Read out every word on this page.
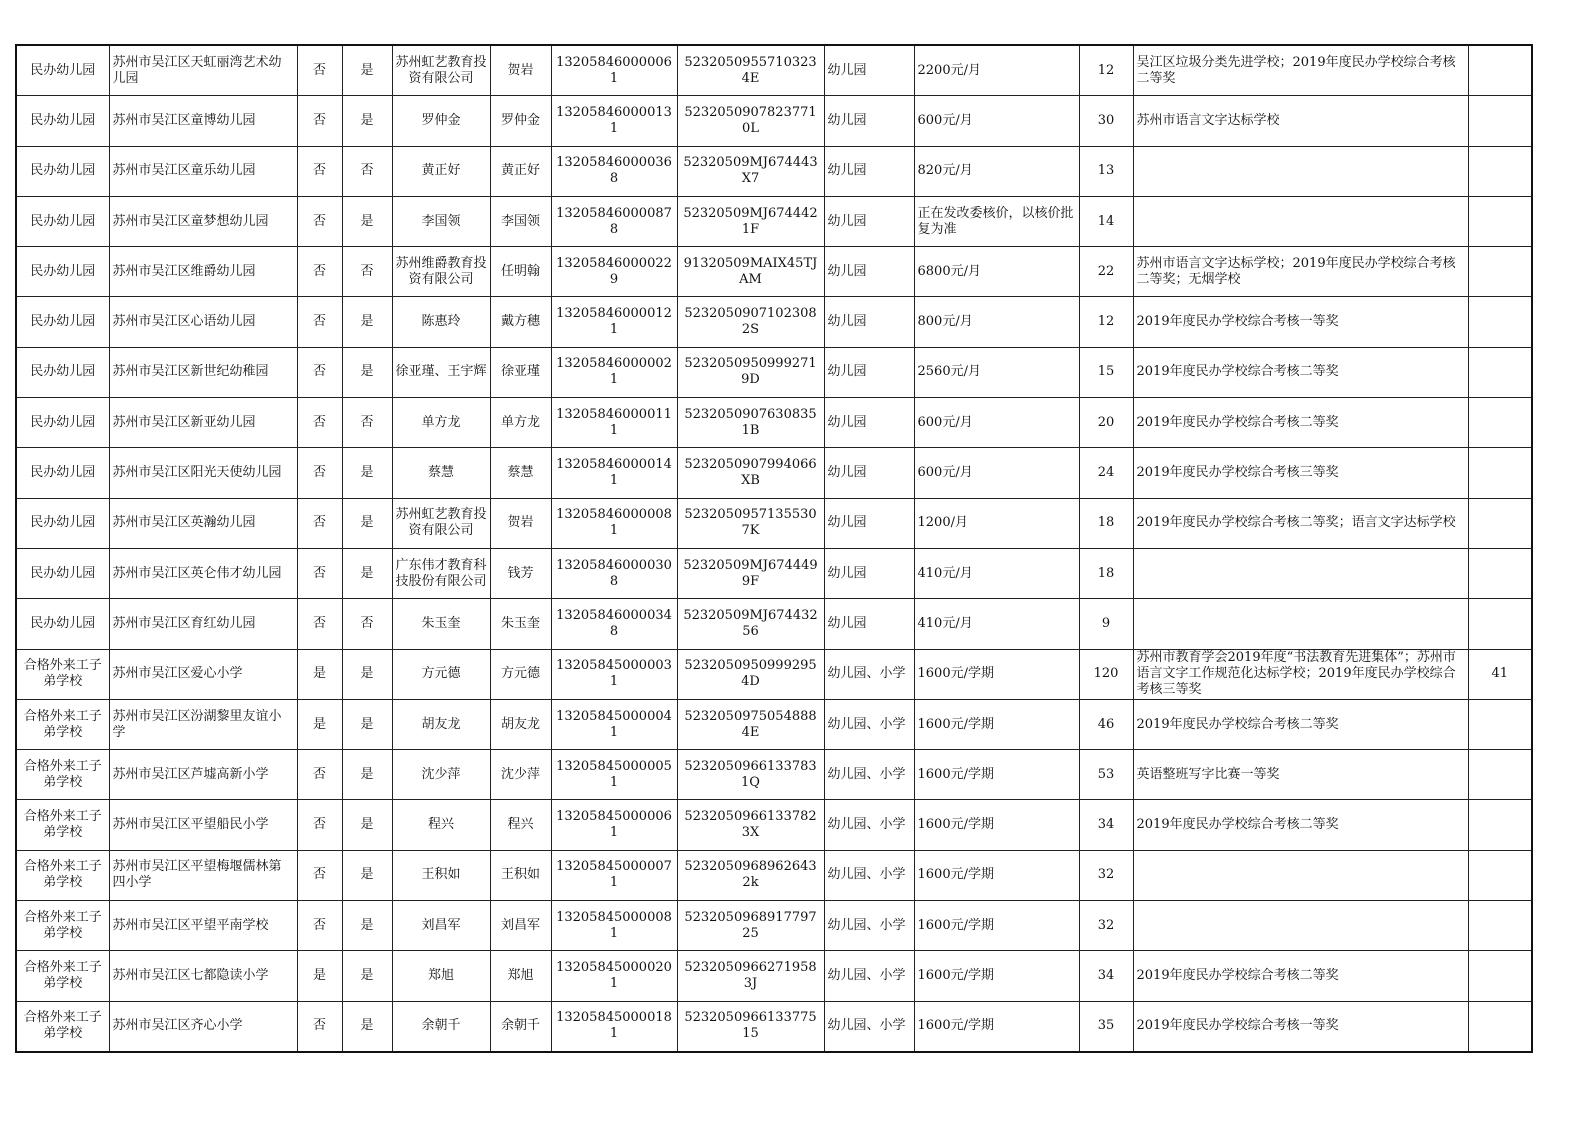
民办幼儿园	苏州市吴江区天虹丽湾艺术幼儿园	否	是	苏州虹艺教育投资有限公司	贺岩	132058460000061	52320509557103234E	幼儿园	2200元/月	12	吴江区垃圾分类先进学校；2019年度民办学校综合考核二等奖	
民办幼儿园	苏州市吴江区童博幼儿园	否	是	罗仲金	罗仲金	132058460000131	52320509078237710L	幼儿园	600元/月	30	苏州市语言文字达标学校	
民办幼儿园	苏州市吴江区童乐幼儿园	否	否	黄正好	黄正好	132058460000368	52320509MJ674443X7	幼儿园	820元/月	13		
民办幼儿园	苏州市吴江区童梦想幼儿园	否	是	李国领	李国领	132058460000878	52320509MJ6744421F	幼儿园	正在发改委核价，以核价批复为准	14		
民办幼儿园	苏州市吴江区维爵幼儿园	否	否	苏州维爵教育投资有限公司	任明翰	132058460000229	91320509MAIX45TJAM	幼儿园	6800元/月	22	苏州市语言文字达标学校；2019年度民办学校综合考核二等奖；无烟学校	
民办幼儿园	苏州市吴江区心语幼儿园	否	是	陈惠玲	戴方穗	132058460000121	52320509071023082S	幼儿园	800元/月	12	2019年度民办学校综合考核一等奖	
民办幼儿园	苏州市吴江区新世纪幼稚园	否	是	徐亚瑾、王宇辉	徐亚瑾	132058460000021	52320509509992719D	幼儿园	2560元/月	15	2019年度民办学校综合考核二等奖	
民办幼儿园	苏州市吴江区新亚幼儿园	否	否	单方龙	单方龙	132058460000111	52320509076308351B	幼儿园	600元/月	20	2019年度民办学校综合考核二等奖	
民办幼儿园	苏州市吴江区阳光天使幼儿园	否	是	蔡慧	蔡慧	132058460000141	5232050907994066XB	幼儿园	600元/月	24	2019年度民办学校综合考核三等奖	
民办幼儿园	苏州市吴江区英瀚幼儿园	否	是	苏州虹艺教育投资有限公司	贺岩	132058460000081	52320509571355307K	幼儿园	1200/月	18	2019年度民办学校综合考核二等奖；语言文字达标学校	
民办幼儿园	苏州市吴江区英仑伟才幼儿园	否	是	广东伟才教育科技股份有限公司	钱芳	132058460000308	52320509MJ6744499F	幼儿园	410元/月	18		
民办幼儿园	苏州市吴江区育红幼儿园	否	否	朱玉奎	朱玉奎	132058460000348	52320509MJ67443256	幼儿园	410元/月	9		
合格外来工子弟学校	苏州市吴江区爱心小学	是	是	方元德	方元德	132058450000031	52320509509992954D	幼儿园、小学	1600元/学期	120	苏州市教育学会2019年度“书法教育先进集体”；苏州市语言文字工作规范化达标学校；2019年度民办学校综合考核三等奖	41
合格外来工子弟学校	苏州市吴江区汾湖黎里友谊小学	是	是	胡友龙	胡友龙	132058450000041	52320509750548884E	幼儿园、小学	1600元/学期	46	2019年度民办学校综合考核二等奖	
合格外来工子弟学校	苏州市吴江区芦墟高新小学	否	是	沈少萍	沈少萍	132058450000051	52320509661337831Q	幼儿园、小学	1600元/学期	53	英语整班写字比赛一等奖	
合格外来工子弟学校	苏州市吴江区平望船民小学	否	是	程兴	程兴	132058450000061	52320509661337823X	幼儿园、小学	1600元/学期	34	2019年度民办学校综合考核二等奖	
合格外来工子弟学校	苏州市吴江区平望梅堰儒林第四小学	否	是	王积如	王积如	132058450000071	52320509689626432k	幼儿园、小学	1600元/学期	32		
合格外来工子弟学校	苏州市吴江区平望平南学校	否	是	刘昌军	刘昌军	132058450000081	523205096891779725	幼儿园、小学	1600元/学期	32		
合格外来工子弟学校	苏州市吴江区七都隐读小学	是	是	郑旭	郑旭	132058450000201	52320509662719583J	幼儿园、小学	1600元/学期	34	2019年度民办学校综合考核二等奖	
合格外来工子弟学校	苏州市吴江区齐心小学	否	是	余朝千	余朝千	132058450000181	523205096613377515	幼儿园、小学	1600元/学期	35	2019年度民办学校综合考核一等奖	
